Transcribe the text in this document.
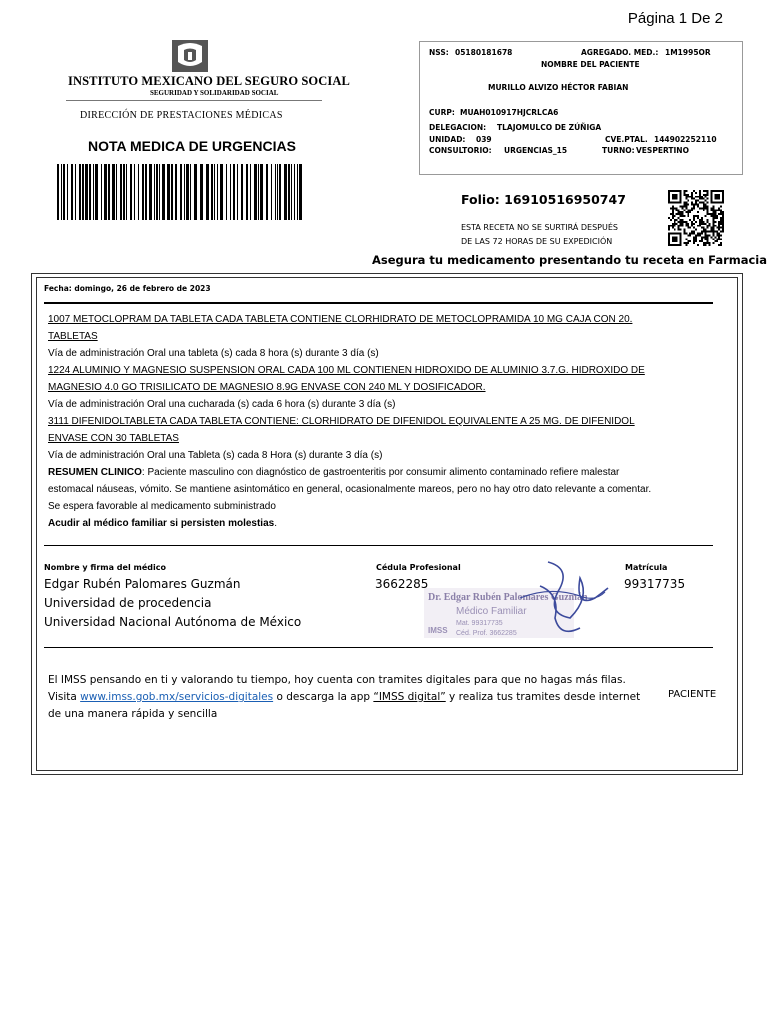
Página 1 De 2
INSTITUTO MEXICANO DEL SEGURO SOCIAL
SEGURIDAD Y SOLIDARIDAD SOCIAL
DIRECCIÓN DE PRESTACIONES MÉDICAS
NOTA MEDICA DE URGENCIAS
NSS: 05180181678	AGREGADO. MED.: 1M1995OR
NOMBRE DEL PACIENTE
MURILLO ALVIZO HÉCTOR FABIAN
CURP: MUAH010917HJCRLCA6
DELEGACION: TLAJOMULCO DE ZÚÑIGA
UNIDAD: 039	CVE.PTAL. 144902252110
CONSULTORIO: URGENCIAS_15	TURNO: VESPERTINO
Folio: 16910516950747
ESTA RECETA NO SE SURTIRÁ DESPUÉS
DE LAS 72 HORAS DE SU EXPEDICIÓN
Asegura tu medicamento presentando tu receta en Farmacia
Fecha: domingo, 26 de febrero de 2023
1007 METOCLOPRAM DA TABLETA CADA TABLETA CONTIENE CLORHIDRATO DE METOCLOPRAMIDA 10 MG CAJA CON 20.
TABLETAS
Vía de administración Oral una tableta (s) cada 8 hora (s) durante 3 día (s)
1224 ALUMINIO Y MAGNESIO SUSPENSION ORAL CADA 100 ML CONTIENEN HIDROXIDO DE ALUMINIO 3.7.G. HIDROXIDO DE
MAGNESIO 4.0 GO TRISILICATO DE MAGNESIO 8.9G ENVASE CON 240 ML Y DOSIFICADOR.
Vía de administración Oral una cucharada (s) cada 6 hora (s) durante 3 día (s)
3111 DIFENIDOLTABLETA CADA TABLETA CONTIENE: CLORHIDRATO DE DIFENIDOL EQUIVALENTE A 25 MG. DE DIFENIDOL
ENVASE CON 30 TABLETAS
Vía de administración Oral una Tableta (s) cada 8 Hora (s) durante 3 día (s)
RESUMEN CLINICO: Paciente masculino con diagnóstico de gastroenteritis por consumir alimento contaminado refiere malestar
estomacal náuseas, vómito. Se mantiene asintomático en general, ocasionalmente mareos, pero no hay otro dato relevante a comentar.
Se espera favorable al medicamento subministrado
Acudir al médico familiar si persisten molestias.
Nombre y firma del médico	Cédula Profesional	Matrícula
Dr. Edgar Rubén Palomares Guzmán
Médico Familiar
Mat. 99317735
Céd. Prof. 3662285
IMSS
Edgar Rubén Palomares Guzmán
Universidad de procedencia
Universidad Nacional Autónoma de México
3662285	99317735
El IMSS pensando en ti y valorando tu tiempo, hoy cuenta con tramites digitales para que no hagas más filas.
Visita www.imss.gob.mx/servicios-digitales o descarga la app “IMSS digital” y realiza tus tramites desde internet
de una manera rápida y sencilla
PACIENTE
